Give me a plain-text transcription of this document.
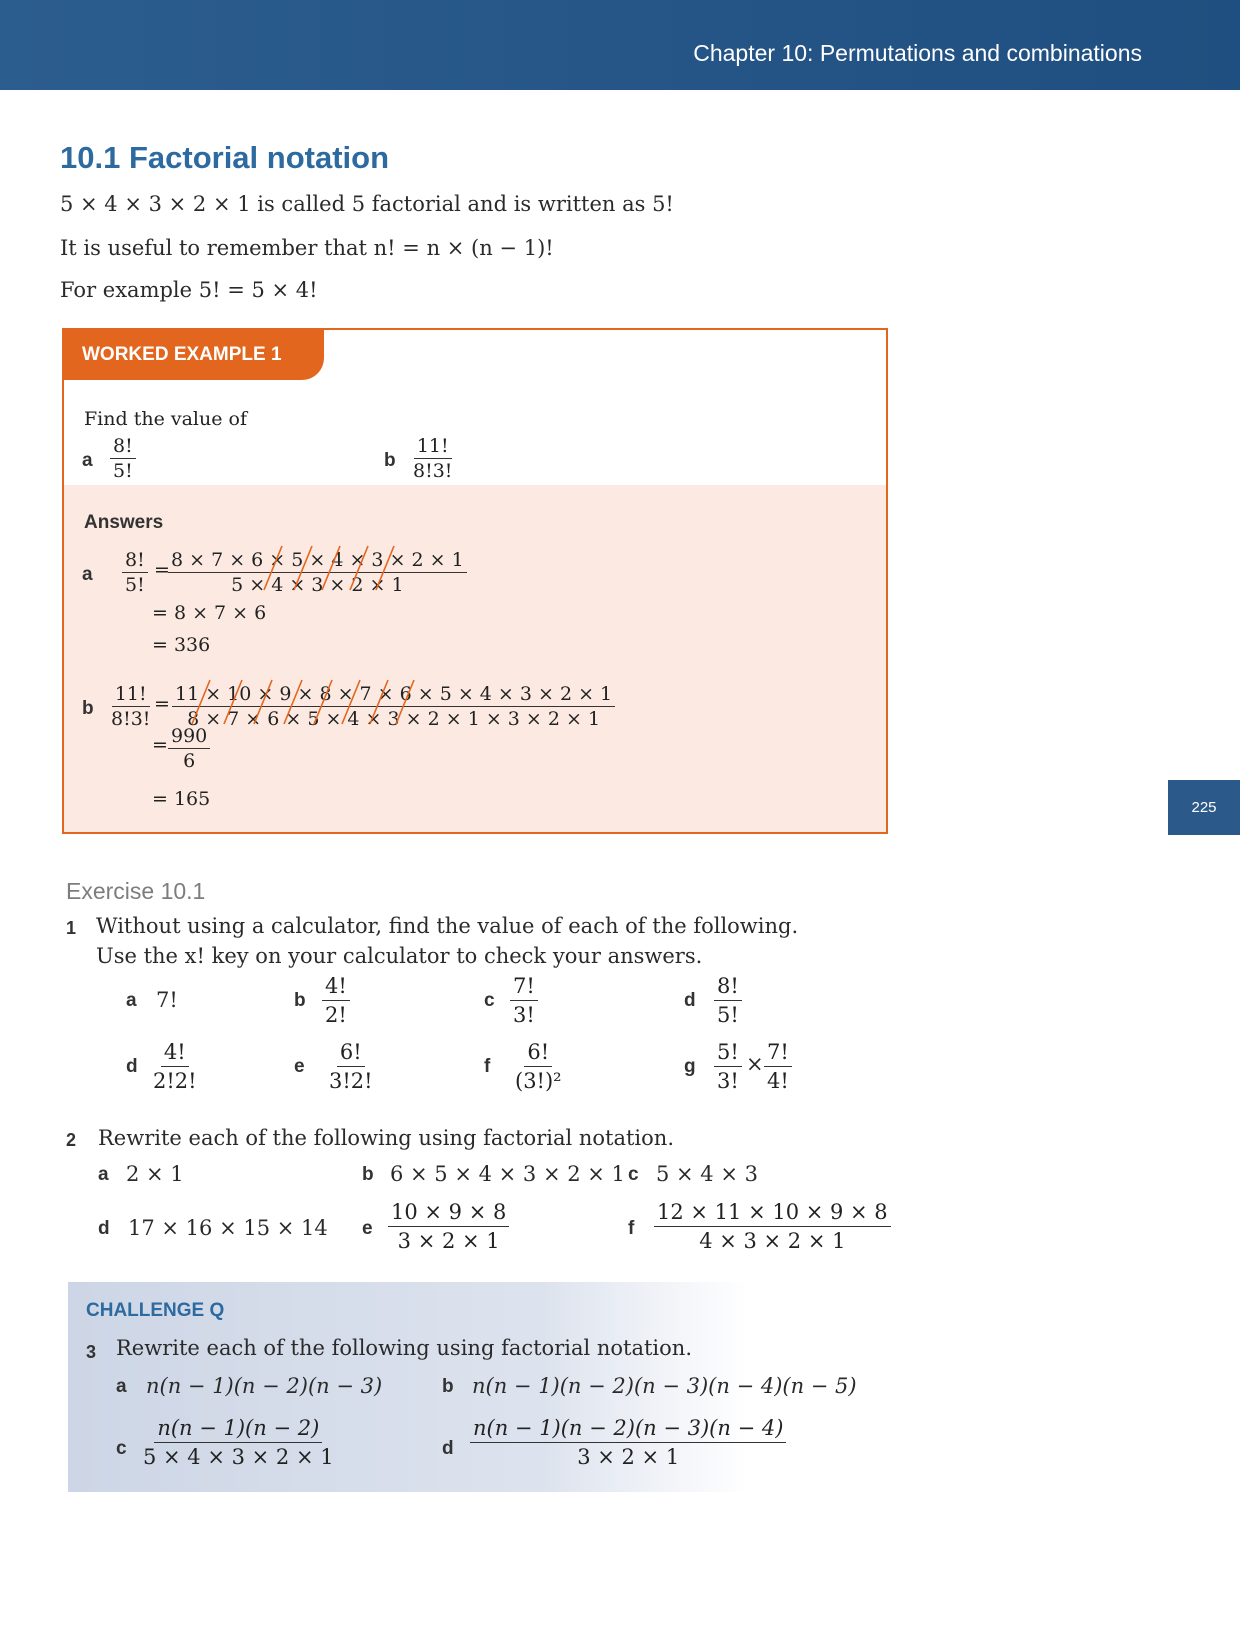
Chapter 10: Permutations and combinations
225
10.1 Factorial notation
5 × 4 × 3 × 2 × 1 is called 5 factorial and is written as 5!
It is useful to remember that n! = n × (n − 1)!
For example 5! = 5 × 4!
WORKED EXAMPLE 1
Find the value of
a $\frac{8!}{5!}$	b $\frac{11!}{8!3!}$
Answers
a $\frac{8!}{5!}$ =
$\frac{8 \times 7 \times 6 \times 5 \times 4 \times 3 \times 2 \times 1}{5 \times 4 \times 3 \times 2 \times 1}$
= 8 × 7 × 6
= 336
b $\frac{11!}{8!3!} = \frac{11 \times 10 \times 9 \times 8 \times 7 \times 6 \times 5 \times 4 \times 3 \times 2 \times 1}{8 \times 7 \times 6 \times 5 \times 4 \times 3 \times 2 \times 1 \times 3 \times 2 \times 1}$
= $\frac{990}{6}$
= 165
Exercise 10.1
1 Without using a calculator, find the value of each of the following.
Use the x! key on your calculator to check your answers.
a 7!	b $\frac{4!}{2!}$	c $\frac{7!}{3!}$	d $\frac{8!}{5!}$
d $\frac{4!}{2!2!}$	e $\frac{6!}{3!2!}$	f $\frac{6!}{\text{(3!)²}}$	g $\frac{5!}{3!} \times \frac{7!}{4!}$
2 Rewrite each of the following using factorial notation.
a 2 × 1	b 6 × 5 × 4 × 3 × 2 × 1 c 5 × 4 × 3
d 17 × 16 × 15 × 14 e $\frac{10 \times 9 \times 8}{3 \times 2 \times 1}$	f $\frac{12 \times 11 \times 10 \times 9 \times 8}{4 \times 3 \times 2 \times 1}$
CHALLENGE Q
3 Rewrite each of the following using factorial notation.
a n(n − 1)(n − 2)(n − 3)	b n(n − 1)(n − 2)(n − 3)(n − 4)(n − 5)
c $\frac{n(n - 1)(n - 2)}{5 \times 4 \times 3 \times 2 \times 1}$	d $\frac{n(n - 1)(n - 2)(n - 3)(n - 4)}{3 \times 2 \times 1}$
